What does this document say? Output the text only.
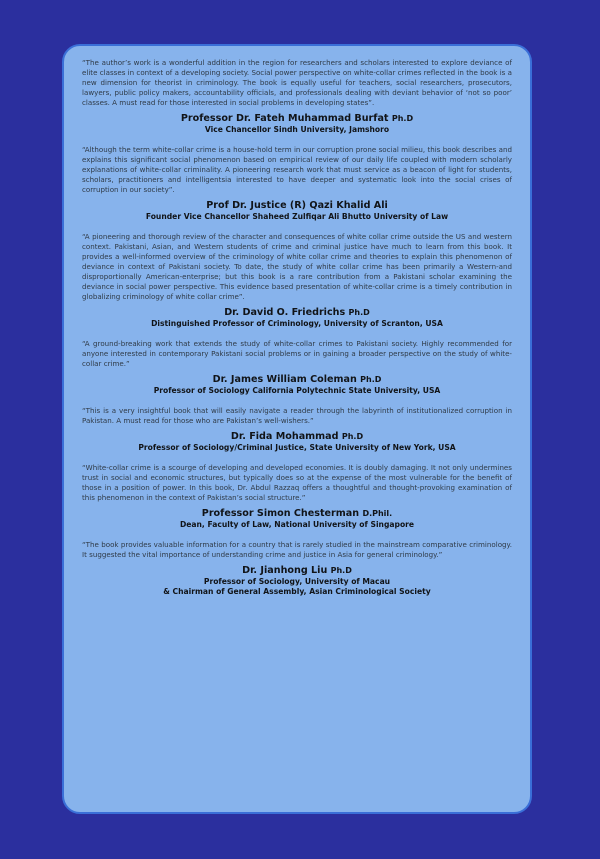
“The author’s work is a wonderful addition in the region for researchers and scholars interested to explore deviance of elite classes in context of a developing society. Social power perspective on white-collar crimes reflected in the book is a new dimension for theorist in criminology. The book is equally useful for teachers, social researchers, prosecutors, lawyers, public policy makers, accountability officials, and professionals dealing with deviant behavior of ‘not so poor’ classes. A must read for those interested in social problems in developing states”.

Professor Dr. Fateh Muhammad Burfat Ph.D

Vice Chancellor Sindh University, Jamshoro

“Although the term white-collar crime is a house-hold term in our corruption prone social milieu, this book describes and explains this significant social phenomenon based on empirical review of our daily life coupled with modern scholarly explanations of white-collar criminality. A pioneering research work that must service as a beacon of light for students, scholars, practitioners and intelligentsia interested to have deeper and systematic look into the social crises of corruption in our society”.

Prof Dr. Justice (R) Qazi Khalid Ali

Founder Vice Chancellor Shaheed Zulfiqar Ali Bhutto University of Law

“A pioneering and thorough review of the character and consequences of white collar crime outside the US and western context. Pakistani, Asian, and Western students of crime and criminal justice have much to learn from this book. It provides a well-informed overview of the criminology of white collar crime and theories to explain this phenomenon of deviance in context of Pakistani society. To date, the study of white collar crime has been primarily a Western-and disproportionally American-enterprise; but this book is a rare contribution from a Pakistani scholar examining the deviance in social power perspective. This evidence based presentation of white-collar crime is a timely contribution in globalizing criminology of white collar crime”.

Dr. David O. Friedrichs Ph.D

Distinguished Professor of Criminology, University of Scranton, USA

“A ground-breaking work that extends the study of white-collar crimes to Pakistani society. Highly recommended for anyone interested in contemporary Pakistani social problems or in gaining a broader perspective on the study of white-collar crime.”

Dr. James William Coleman Ph.D

Professor of Sociology California Polytechnic State University, USA

“This is a very insightful book that will easily navigate a reader through the labyrinth of institutionalized corruption in Pakistan. A must read for those who are Pakistan’s well-wishers.”

Dr. Fida Mohammad Ph.D

Professor of Sociology/Criminal Justice, State University of New York, USA

“White-collar crime is a scourge of developing and developed economies. It is doubly damaging. It not only undermines trust in social and economic structures, but typically does so at the expense of the most vulnerable for the benefit of those in a position of power. In this book, Dr. Abdul Razzaq offers a thoughtful and thought-provoking examination of this phenomenon in the context of Pakistan’s social structure.”

Professor Simon Chesterman D.Phil.

Dean, Faculty of Law, National University of Singapore

“The book provides valuable information for a country that is rarely studied in the mainstream comparative criminology. It suggested the vital importance of understanding crime and justice in Asia for general criminology.”

Dr. Jianhong Liu Ph.D

Professor of Sociology, University of Macau

& Chairman of General Assembly, Asian Criminological Society
